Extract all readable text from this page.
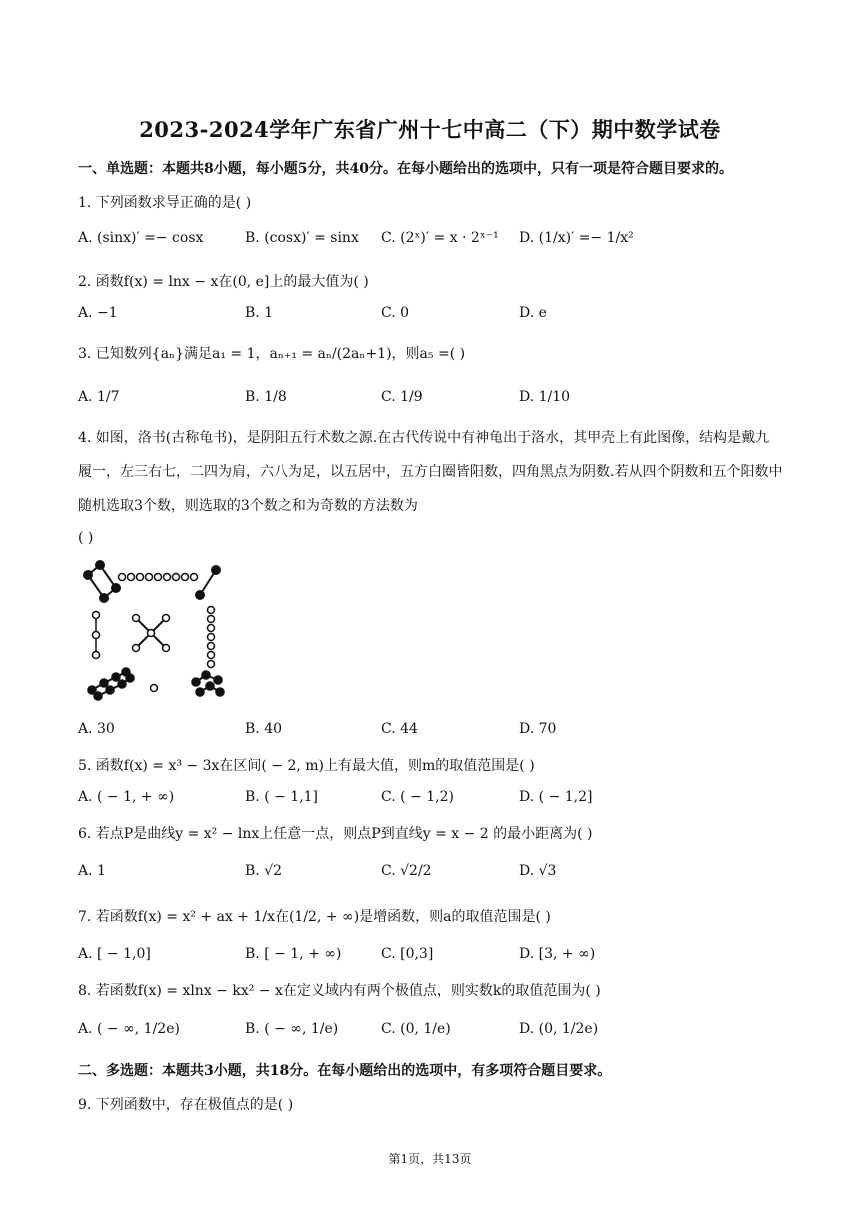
2023-2024学年广东省广州十七中高二（下）期中数学试卷
一、单选题：本题共8小题，每小题5分，共40分。在每小题给出的选项中，只有一项是符合题目要求的。
1. 下列函数求导正确的是( )
A. (sinx)′ =− cosx	B. (cosx)′ = sinx C. (2ˣ)′ = x · 2ˣ⁻¹ D. (1/x)′ =− 1/x²
2. 函数f(x) = lnx − x在(0, e]上的最大值为( )
A. −1	B. 1	C. 0	D. e
3. 已知数列{aₙ}满足a₁ = 1，aₙ₊₁ = aₙ/(2aₙ+1)，则a₅ =( )
A. 1/7	B. 1/8	C. 1/9	D. 1/10
4. 如图，洛书(古称龟书)，是阴阳五行术数之源.在古代传说中有神龟出于洛水，其甲壳上有此图像，结构是戴九履一，左三右七，二四为肩，六八为足，以五居中，五方白圈皆阳数，四角黑点为阴数.若从四个阴数和五个阳数中随机选取3个数，则选取的3个数之和为奇数的方法数为
( )
A. 30	B. 40	C. 44	D. 70
5. 函数f(x) = x³ − 3x在区间( − 2, m)上有最大值，则m的取值范围是( )
A. ( − 1, + ∞)	B. ( − 1,1]	C. ( − 1,2)	D. ( − 1,2]
6. 若点P是曲线y = x² − lnx上任意一点，则点P到直线y = x − 2 的最小距离为( )
A. 1	B. √2	C. √2/2	D. √3
7. 若函数f(x) = x² + ax + 1/x在(1/2, + ∞)是增函数，则a的取值范围是( )
A. [ − 1,0]	B. [ − 1, + ∞)	C. [0,3]	D. [3, + ∞)
8. 若函数f(x) = xlnx − kx² − x在定义域内有两个极值点，则实数k的取值范围为( )
A. ( − ∞, 1/2e)	B. ( − ∞, 1/e)	C. (0, 1/e)	D. (0, 1/2e)
二、多选题：本题共3小题，共18分。在每小题给出的选项中，有多项符合题目要求。
9. 下列函数中，存在极值点的是( )
第1页，共13页
